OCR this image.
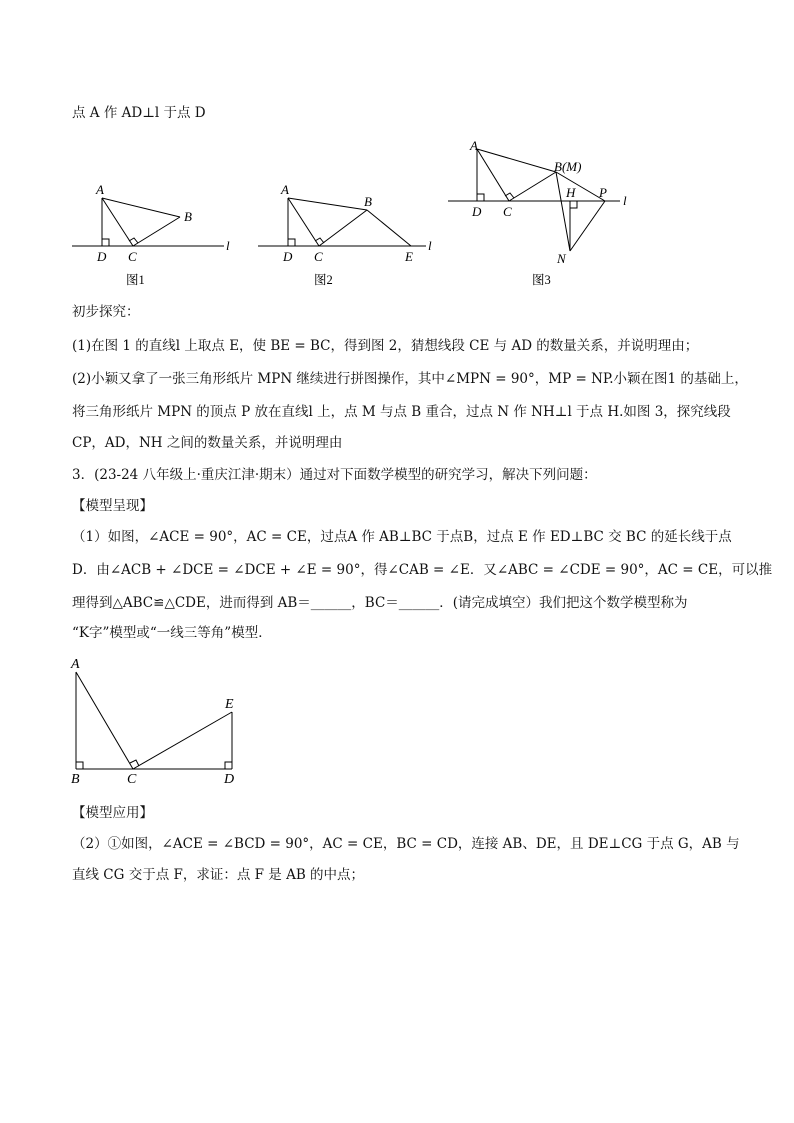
点 A 作 AD⊥l 于点 D
A
B
C
D
l
图1
A
B
C
D	E
l
图2
A
B(M)
C
D
H P
N
l
图3
初步探究：
(1)在图 1 的直线l 上取点 E，使 BE = BC，得到图 2，猜想线段 CE 与 AD 的数量关系，并说明理由；
(2)小颖又拿了一张三角形纸片 MPN 继续进行拼图操作，其中∠MPN = 90°，MP = NP.小颖在图1 的基础上，
将三角形纸片 MPN 的顶点 P 放在直线l 上，点 M 与点 B 重合，过点 N 作 NH⊥l 于点 H.如图 3，探究线段
CP，AD，NH 之间的数量关系，并说明理由
3．(23-24 八年级上·重庆江津·期末）通过对下面数学模型的研究学习，解决下列问题：
【模型呈现】
（1）如图，∠ACE = 90°，AC = CE，过点A 作 AB⊥BC 于点B，过点 E 作 ED⊥BC 交 BC 的延长线于点
D．由∠ACB + ∠DCE = ∠DCE + ∠E = 90°，得∠CAB = ∠E．又∠ABC = ∠CDE = 90°，AC = CE，可以推
理得到△ABC≌△CDE，进而得到 AB＝______，BC＝______．(请完成填空）我们把这个数学模型称为
“K字”模型或“一线三等角”模型．
A
B	C	D
E
【模型应用】
（2）①如图，∠ACE = ∠BCD = 90°，AC = CE，BC = CD，连接 AB、DE，且 DE⊥CG 于点 G，AB 与
直线 CG 交于点 F，求证：点 F 是 AB 的中点；
